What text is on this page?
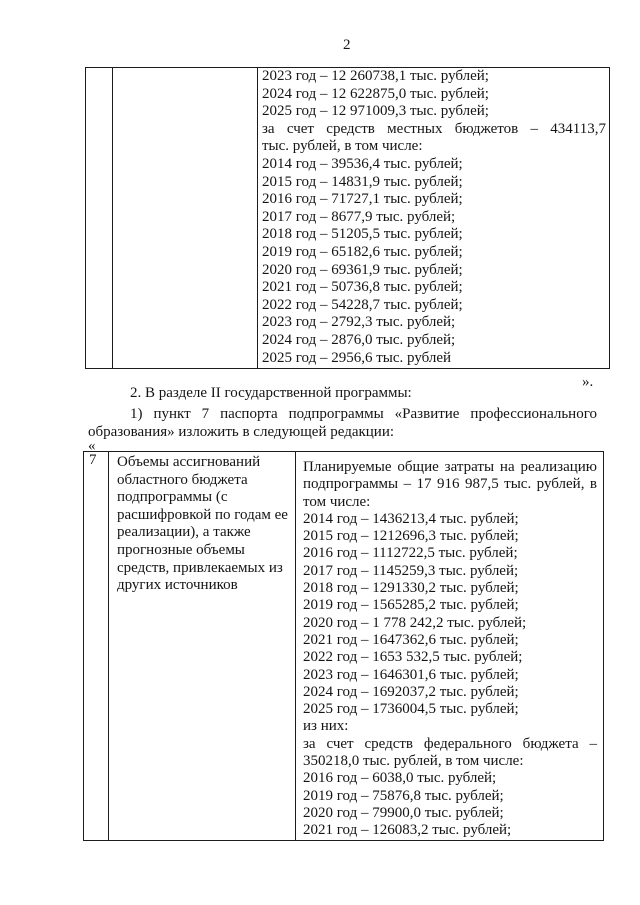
2
2023 год – 12 260738,1 тыс. рублей;
2024 год – 12 622875,0 тыс. рублей;
2025 год – 12 971009,3 тыс. рублей;
за счет средств местных бюджетов – 434113,7
тыс. рублей, в том числе:
2014 год – 39536,4 тыс. рублей;
2015 год – 14831,9 тыс. рублей;
2016 год – 71727,1 тыс. рублей;
2017 год – 8677,9 тыс. рублей;
2018 год – 51205,5 тыс. рублей;
2019 год – 65182,6 тыс. рублей;
2020 год – 69361,9 тыс. рублей;
2021 год – 50736,8 тыс. рублей;
2022 год – 54228,7 тыс. рублей;
2023 год – 2792,3 тыс. рублей;
2024 год – 2876,0 тыс. рублей;
2025 год – 2956,6 тыс. рублей
».
2. В разделе II государственной программы:
1) пункт 7 паспорта подпрограммы «Развитие профессионального
образования» изложить в следующей редакции:
«
7	Объемы ассигнований
областного бюджета
подпрограммы (с
расшифровкой по годам ее
реализации), а также
прогнозные объемы
средств, привлекаемых из
других источников
Планируемые общие затраты на реализацию
подпрограммы – 17 916 987,5 тыс. рублей, в
том числе:
2014 год – 1436213,4 тыс. рублей;
2015 год – 1212696,3 тыс. рублей;
2016 год – 1112722,5 тыс. рублей;
2017 год – 1145259,3 тыс. рублей;
2018 год – 1291330,2 тыс. рублей;
2019 год – 1565285,2 тыс. рублей;
2020 год – 1 778 242,2 тыс. рублей;
2021 год – 1647362,6 тыс. рублей;
2022 год – 1653 532,5 тыс. рублей;
2023 год – 1646301,6 тыс. рублей;
2024 год – 1692037,2 тыс. рублей;
2025 год – 1736004,5 тыс. рублей;
из них:
за счет средств федерального бюджета –
350218,0 тыс. рублей, в том числе:
2016 год – 6038,0 тыс. рублей;
2019 год – 75876,8 тыс. рублей;
2020 год – 79900,0 тыс. рублей;
2021 год – 126083,2 тыс. рублей;
